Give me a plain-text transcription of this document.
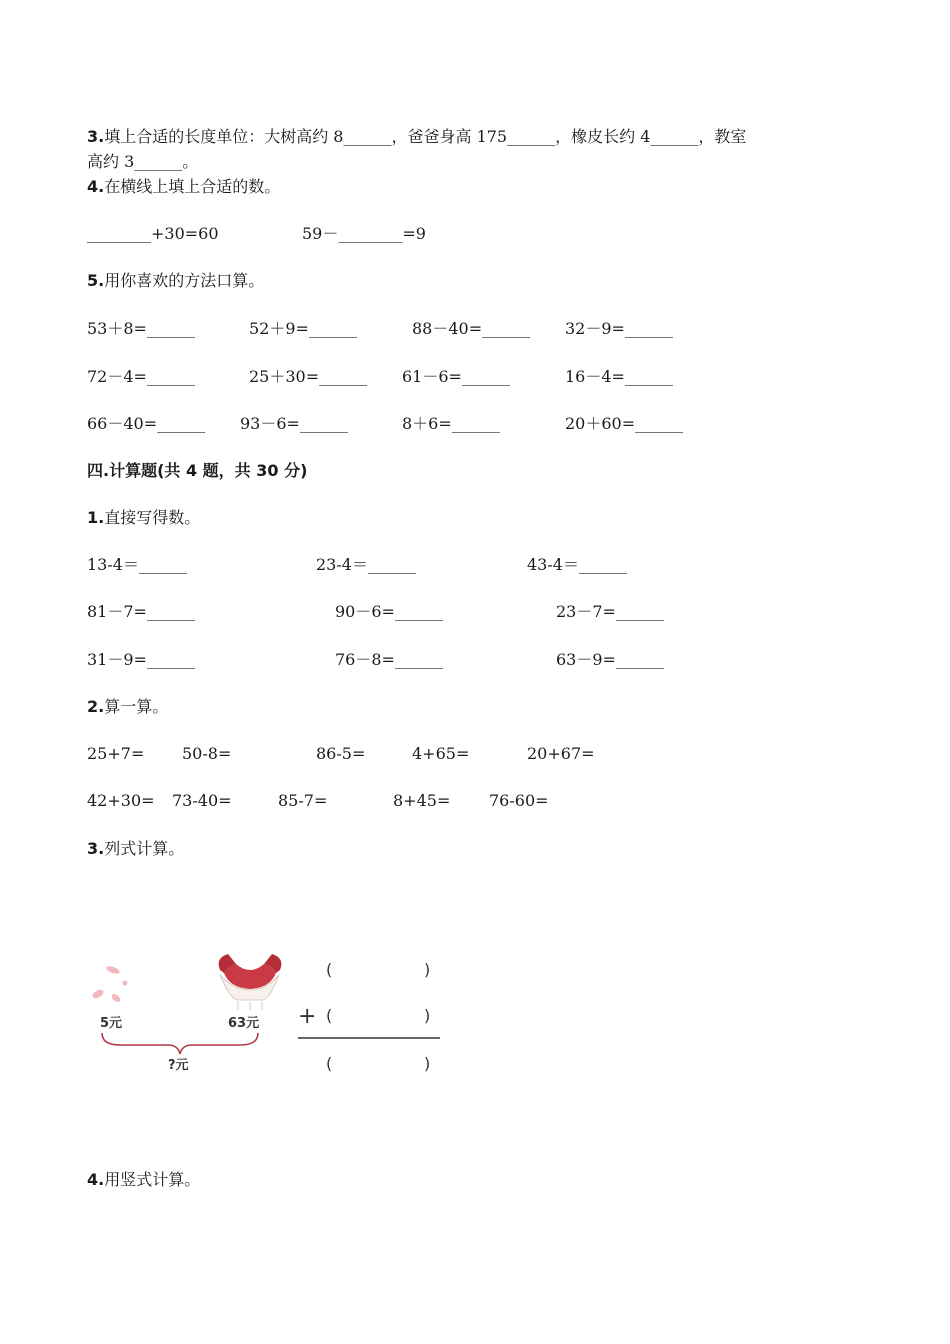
3.填上合适的长度单位：大树高约 8______，爸爸身高 175______，橡皮长约 4______，教室
高约 3______。
4.在横线上填上合适的数。
________+30=60	59－________=9
5.用你喜欢的方法口算。
53＋8=______	52＋9=______	88－40=______ 32－9=______
72－4=______	25＋30=______ 61－6=______	16－4=______
66－40=______ 93－6=______	8＋6=______	20＋60=______
四.计算题(共 4 题，共 30 分)
1.直接写得数。
13-4＝______	23-4＝______	43-4＝______
81－7=______	90－6=______	23－7=______
31－9=______	76－8=______	63－9=______
2.算一算。
25+7= 50-8=	86-5=	4+65=	20+67=
42+30= 73-40=	85-7=	8+45= 76-60=
3.列式计算。
5元	63元
?元
(	)
+ (	)
(	)
4.用竖式计算。
